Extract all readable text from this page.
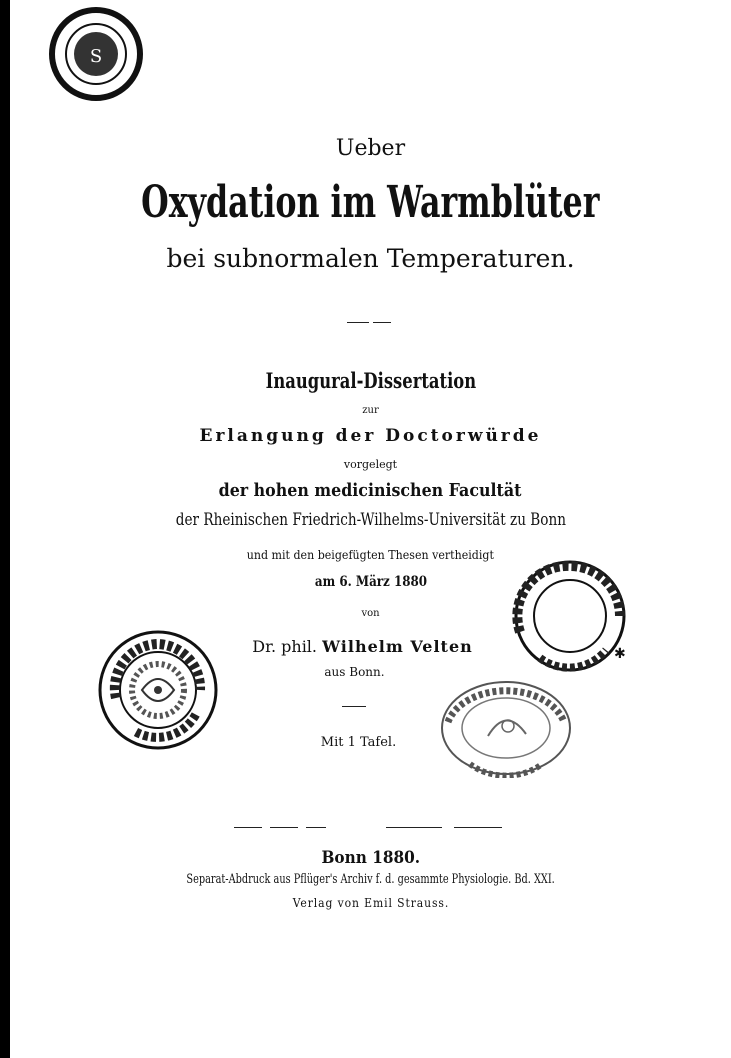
S
Ueber
Oxydation im Warmblüter
bei subnormalen Temperaturen.
Inaugural-Dissertation
zur
Erlangung der Doctorwürde
vorgelegt
der hohen medicinischen Facultät
der Rheinischen Friedrich-Wilhelms-Universität zu Bonn
und mit den beigefügten Thesen vertheidigt
am 6. März 1880
von
Dr. phil. Wilhelm Velten
aus Bonn.
Mit 1 Tafel.
Bonn 1880.
Separat-Abdruck aus Pflüger's Archiv f. d. gesammte Physiologie. Bd. XXI.
Verlag von Emil Strauss.
✱
